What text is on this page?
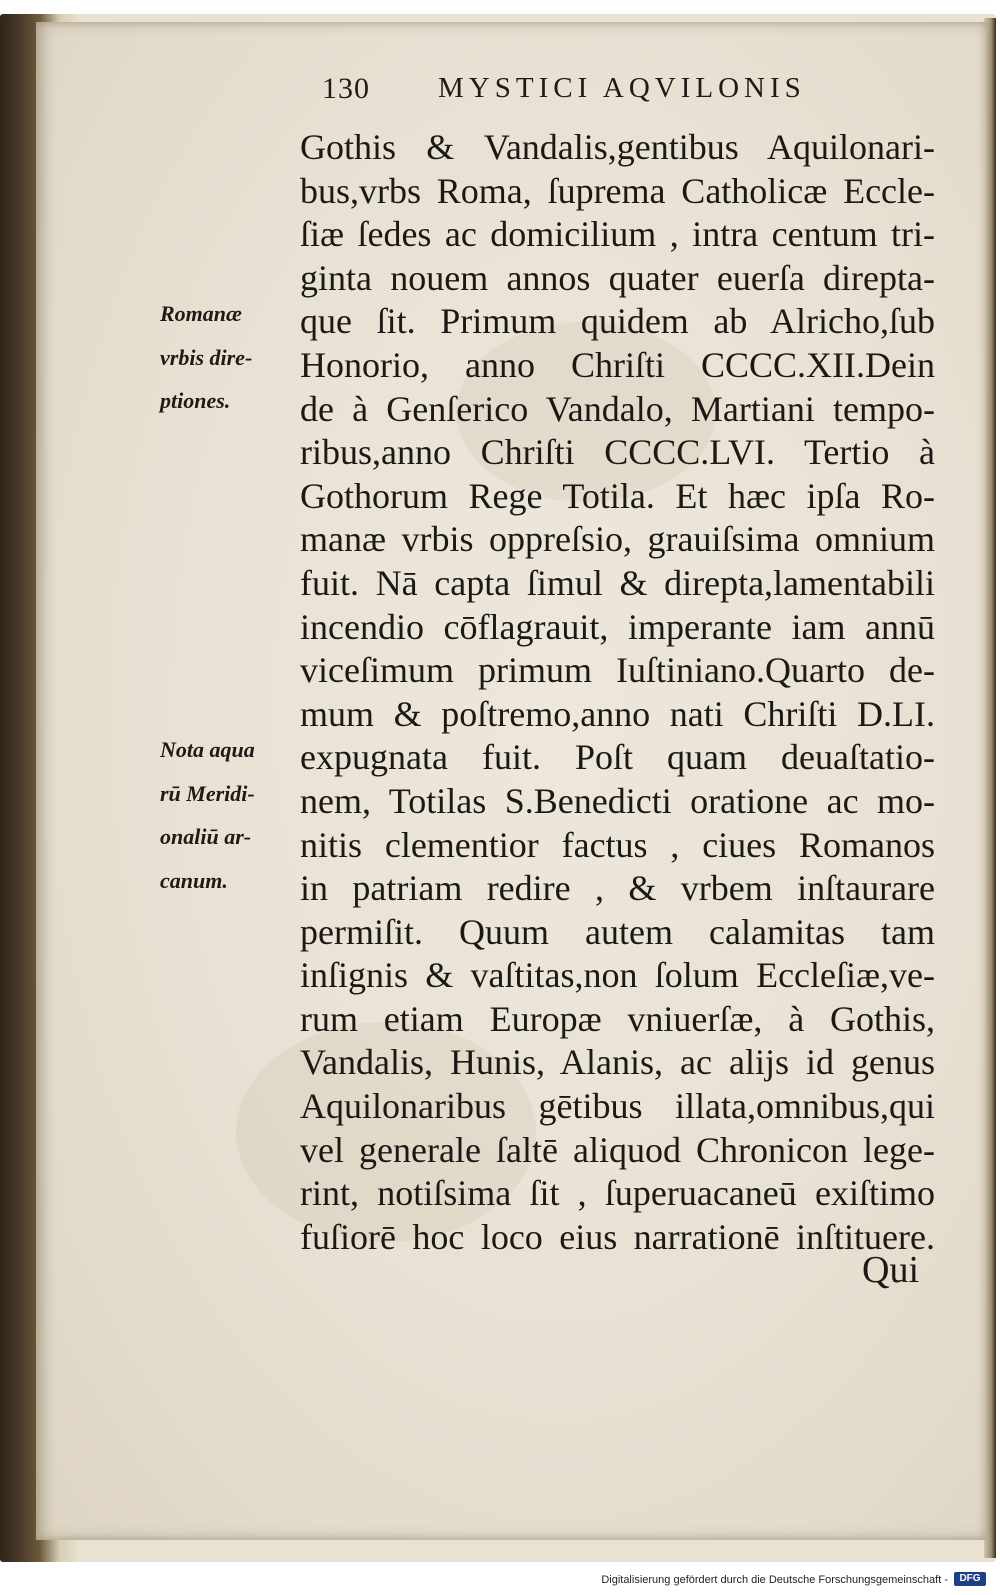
130 MYSTICI AQVILONIS
Romanæ
vrbis dire-
ptiones.
Nota aqua
rū Meridi-
onaliū ar-
canum.
Gothis & Vandalis,gentibus Aquilonari-
bus,vrbs Roma, ſuprema Catholicæ Eccle-
ſiæ ſedes ac domicilium , intra centum tri-
ginta nouem annos quater euerſa direpta-
que ſit. Primum quidem ab Alricho,ſub
Honorio, anno Chriſti CCCC.XII.Dein
de à Genſerico Vandalo, Martiani tempo-
ribus,anno Chriſti CCCC.LVI. Tertio à
Gothorum Rege Totila. Et hæc ipſa Ro-
manæ vrbis oppreſsio, grauiſsima omnium
fuit. Nā capta ſimul & direpta,lamentabili
incendio cōflagrauit, imperante iam annū
viceſimum primum Iuſtiniano.Quarto de-
mum & poſtremo,anno nati Chriſti D.LI.
expugnata fuit. Poſt quam deuaſtatio-
nem, Totilas S.Benedicti oratione ac mo-
nitis clementior factus , ciues Romanos
in patriam redire , & vrbem inſtaurare
permiſit. Quum autem calamitas tam
inſignis & vaſtitas,non ſolum Eccleſiæ,ve-
rum etiam Europæ vniuerſæ, à Gothis,
Vandalis, Hunis, Alanis, ac alijs id genus
Aquilonaribus gētibus illata,omnibus,qui
vel generale ſaltē aliquod Chronicon lege-
rint, notiſsima ſit , ſuperuacaneū exiſtimo
fuſiorē hoc loco eius narrationē inſtituere.
Qui
Digitalisierung gefördert durch die Deutsche Forschungsgemeinschaft -	DFG
